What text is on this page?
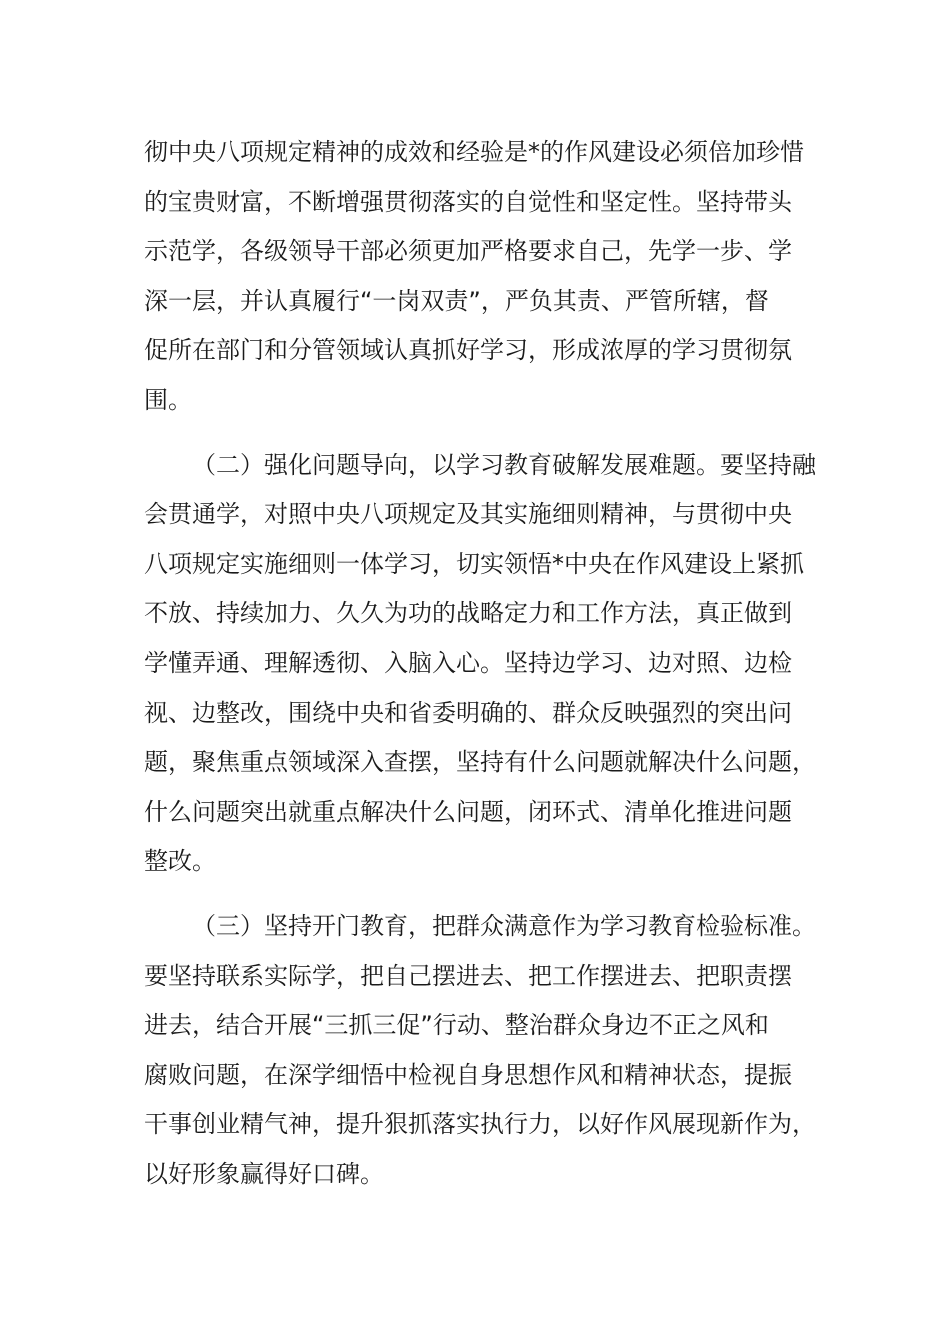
彻中央八项规定精神的成效和经验是*的作风建设必须倍加珍惜
的宝贵财富，不断增强贯彻落实的自觉性和坚定性。坚持带头
示范学，各级领导干部必须更加严格要求自己，先学一步、学
深一层，并认真履行“一岗双责”，严负其责、严管所辖，督
促所在部门和分管领域认真抓好学习，形成浓厚的学习贯彻氛
围。
（二）强化问题导向，以学习教育破解发展难题。要坚持融
会贯通学，对照中央八项规定及其实施细则精神，与贯彻中央
八项规定实施细则一体学习，切实领悟*中央在作风建设上紧抓
不放、持续加力、久久为功的战略定力和工作方法，真正做到
学懂弄通、理解透彻、入脑入心。坚持边学习、边对照、边检
视、边整改，围绕中央和省委明确的、群众反映强烈的突出问
题，聚焦重点领域深入查摆，坚持有什么问题就解决什么问题，
什么问题突出就重点解决什么问题，闭环式、清单化推进问题
整改。
（三）坚持开门教育，把群众满意作为学习教育检验标准。
要坚持联系实际学，把自己摆进去、把工作摆进去、把职责摆
进去，结合开展“三抓三促”行动、整治群众身边不正之风和
腐败问题，在深学细悟中检视自身思想作风和精神状态，提振
干事创业精气神，提升狠抓落实执行力，以好作风展现新作为，
以好形象赢得好口碑。
